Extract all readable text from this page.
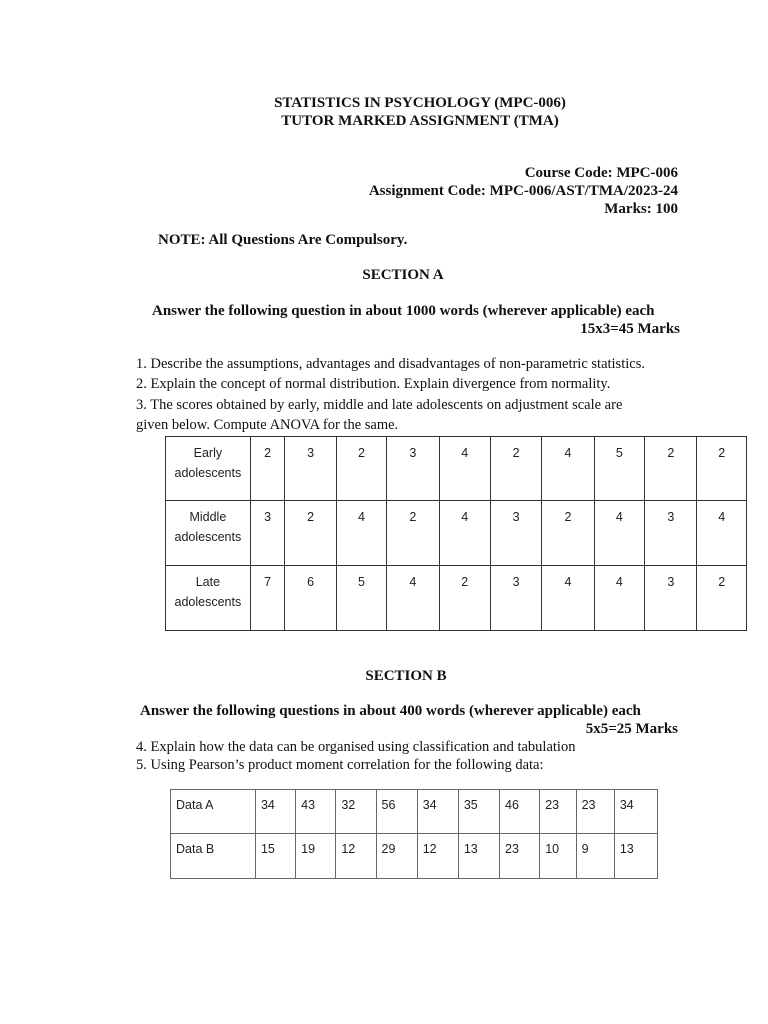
STATISTICS IN PSYCHOLOGY (MPC-006)
TUTOR MARKED ASSIGNMENT (TMA)
Course Code: MPC-006
Assignment Code: MPC-006/AST/TMA/2023-24
Marks: 100
NOTE: All Questions Are Compulsory.
SECTION A
Answer the following question in about 1000 words (wherever applicable) each
15x3=45 Marks
1. Describe the assumptions, advantages and disadvantages of non-parametric statistics.
2. Explain the concept of normal distribution. Explain divergence from normality.
3. The scores obtained by early, middle and late adolescents on adjustment scale are
given below. Compute ANOVA for the same.
Early
adolescents	2	3	2	3	4	2	4	5	2	2
Middle
adolescents	3	2	4	2	4	3	2	4	3	4
Late
adolescents	7	6	5	4	2	3	4	4	3	2
SECTION B
Answer the following questions in about 400 words (wherever applicable) each
5x5=25 Marks
4. Explain how the data can be organised using classification and tabulation
5. Using Pearson’s product moment correlation for the following data:
Data A	34	43	32	56	34	35	46	23	23	34
Data B	15	19	12	29	12	13	23	10	9	13
